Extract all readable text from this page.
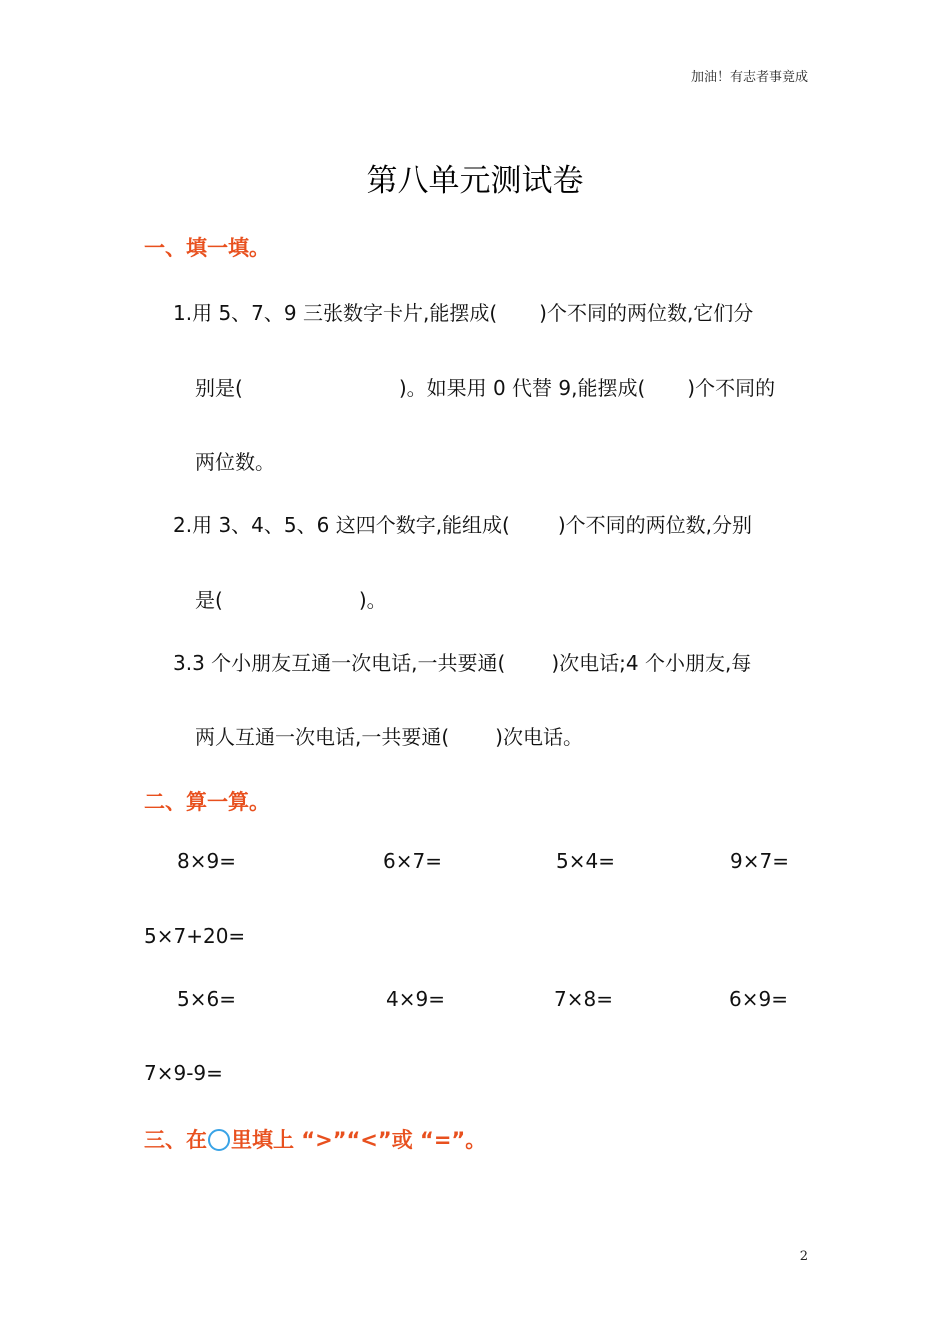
加油！有志者事竟成
第八单元测试卷
一、填一填。
1.用 5、7、9 三张数字卡片,能摆成( )个不同的两位数,它们分
别是(	)。如果用 0 代替 9,能摆成( )个不同的
两位数。
2.用 3、4、5、6 这四个数字,能组成( )个不同的两位数,分别
是(	)。
3.3 个小朋友互通一次电话,一共要通( )次电话;4 个小朋友,每
两人互通一次电话,一共要通( )次电话。
二、算一算。
8×9=	6×7=	5×4=	9×7=
5×7+20=
5×6=	4×9=	7×8=	6×9=
7×9-9=
三、在 里填上 “>”“<”或 “=”。
2
